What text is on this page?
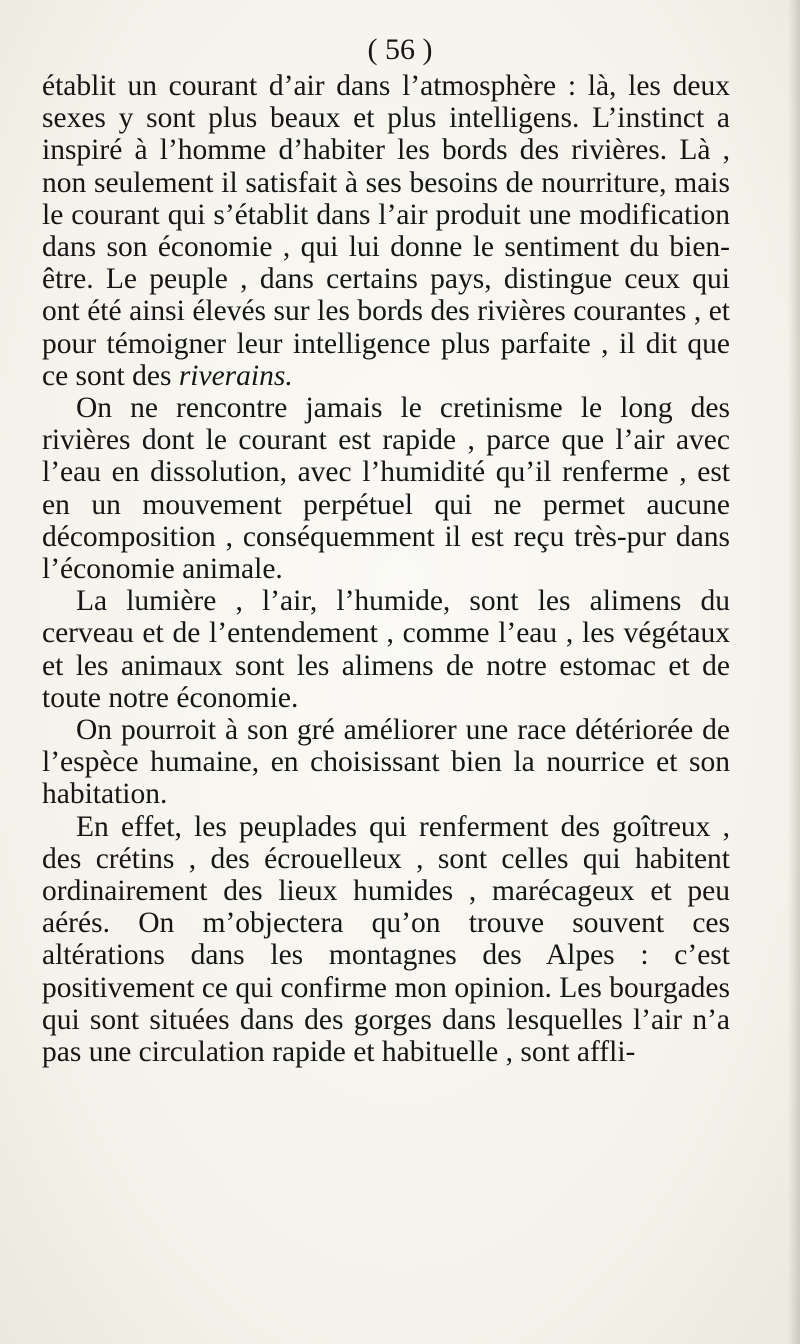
( 56 )

établit un courant d’air dans l’atmosphère : là, les deux sexes y sont plus beaux et plus intelligens. L’instinct a inspiré à l’homme d’habiter les bords des rivières. Là , non seulement il satisfait à ses besoins de nourriture, mais le courant qui s’établit dans l’air produit une modification dans son économie , qui lui donne le sentiment du bien-être. Le peuple , dans certains pays, distingue ceux qui ont été ainsi élevés sur les bords des rivières courantes , et pour témoigner leur intelligence plus parfaite , il dit que ce sont des riverains.

On ne rencontre jamais le cretinisme le long des rivières dont le courant est rapide , parce que l’air avec l’eau en dissolution, avec l’humidité qu’il renferme , est en un mouvement perpétuel qui ne permet aucune décomposition , conséquemment il est reçu très-pur dans l’économie animale.

La lumière , l’air, l’humide, sont les alimens du cerveau et de l’entendement , comme l’eau , les végétaux et les animaux sont les alimens de notre estomac et de toute notre économie.

On pourroit à son gré améliorer une race détériorée de l’espèce humaine, en choisissant bien la nourrice et son habitation.

En effet, les peuplades qui renferment des goîtreux , des crétins , des écrouelleux , sont celles qui habitent ordinairement des lieux humides , marécageux et peu aérés. On m’objectera qu’on trouve souvent ces altérations dans les montagnes des Alpes : c’est positivement ce qui confirme mon opinion. Les bourgades qui sont situées dans des gorges dans lesquelles l’air n’a pas une circulation rapide et habituelle , sont affli-
